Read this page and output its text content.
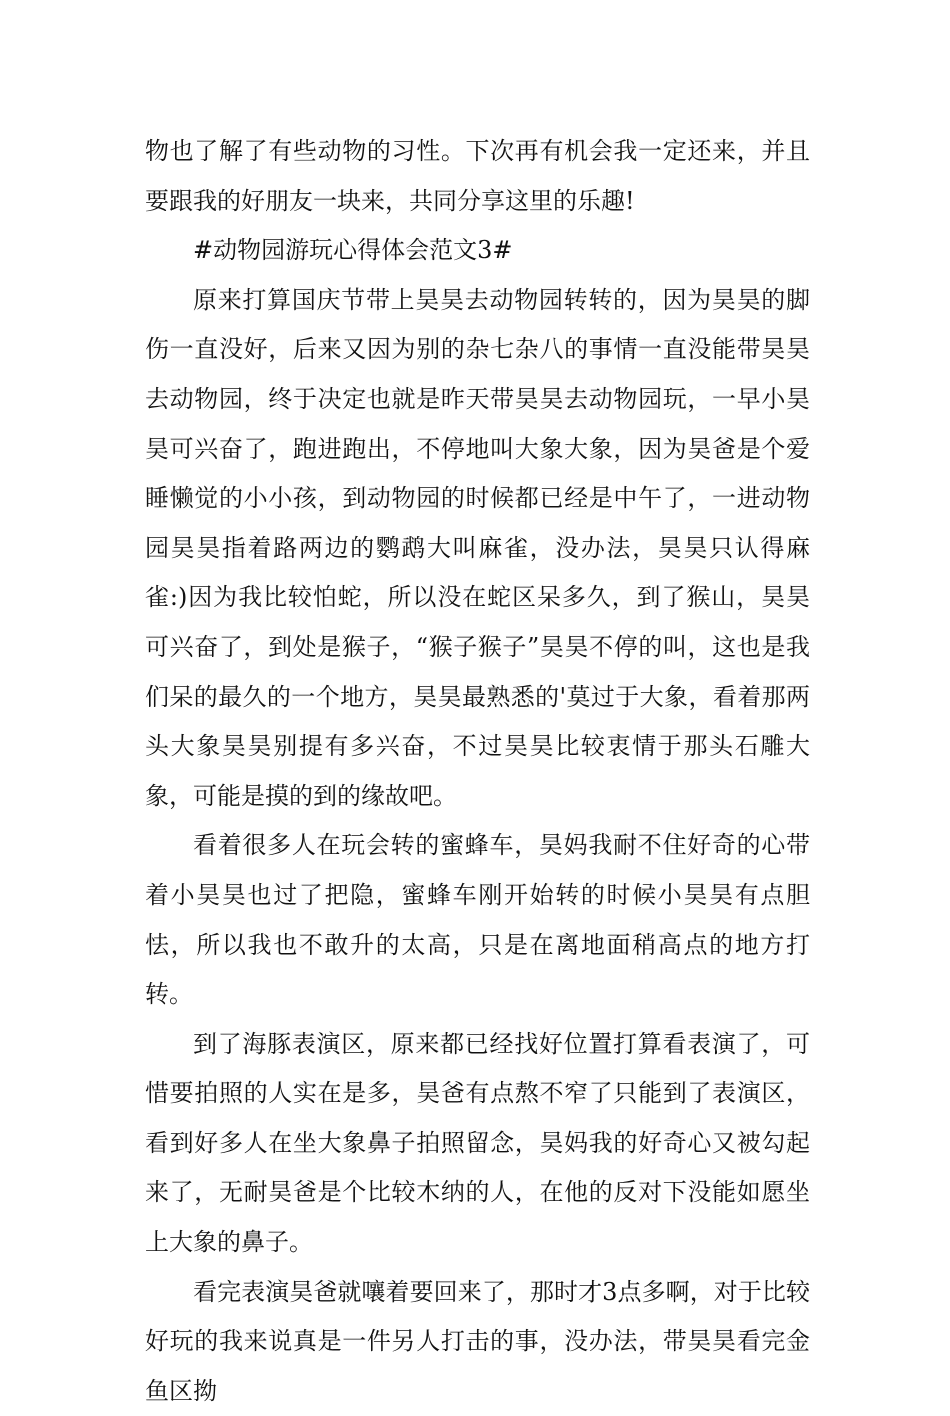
物也了解了有些动物的习性。下次再有机会我一定还来，并且要跟我的好朋友一块来，共同分享这里的乐趣!

#动物园游玩心得体会范文3#

原来打算国庆节带上昊昊去动物园转转的，因为昊昊的脚伤一直没好，后来又因为别的杂七杂八的事情一直没能带昊昊去动物园，终于决定也就是昨天带昊昊去动物园玩，一早小昊昊可兴奋了，跑进跑出，不停地叫大象大象，因为昊爸是个爱睡懒觉的小小孩，到动物园的时候都已经是中午了，一进动物园昊昊指着路两边的鹦鹉大叫麻雀，没办法，昊昊只认得麻雀:)因为我比较怕蛇，所以没在蛇区呆多久，到了猴山，昊昊可兴奋了，到处是猴子，“猴子猴子”昊昊不停的叫，这也是我们呆的最久的一个地方，昊昊最熟悉的'莫过于大象，看着那两头大象昊昊别提有多兴奋，不过昊昊比较衷情于那头石雕大象，可能是摸的到的缘故吧。

看着很多人在玩会转的蜜蜂车，昊妈我耐不住好奇的心带着小昊昊也过了把隐，蜜蜂车刚开始转的时候小昊昊有点胆怯，所以我也不敢升的太高，只是在离地面稍高点的地方打转。

到了海豚表演区，原来都已经找好位置打算看表演了，可惜要拍照的人实在是多，昊爸有点熬不窄了只能到了表演区，看到好多人在坐大象鼻子拍照留念，昊妈我的好奇心又被勾起来了，无耐昊爸是个比较木纳的人，在他的反对下没能如愿坐上大象的鼻子。

看完表演昊爸就嚷着要回来了，那时才3点多啊，对于比较好玩的我来说真是一件另人打击的事，没办法，带昊昊看完金鱼区拗
